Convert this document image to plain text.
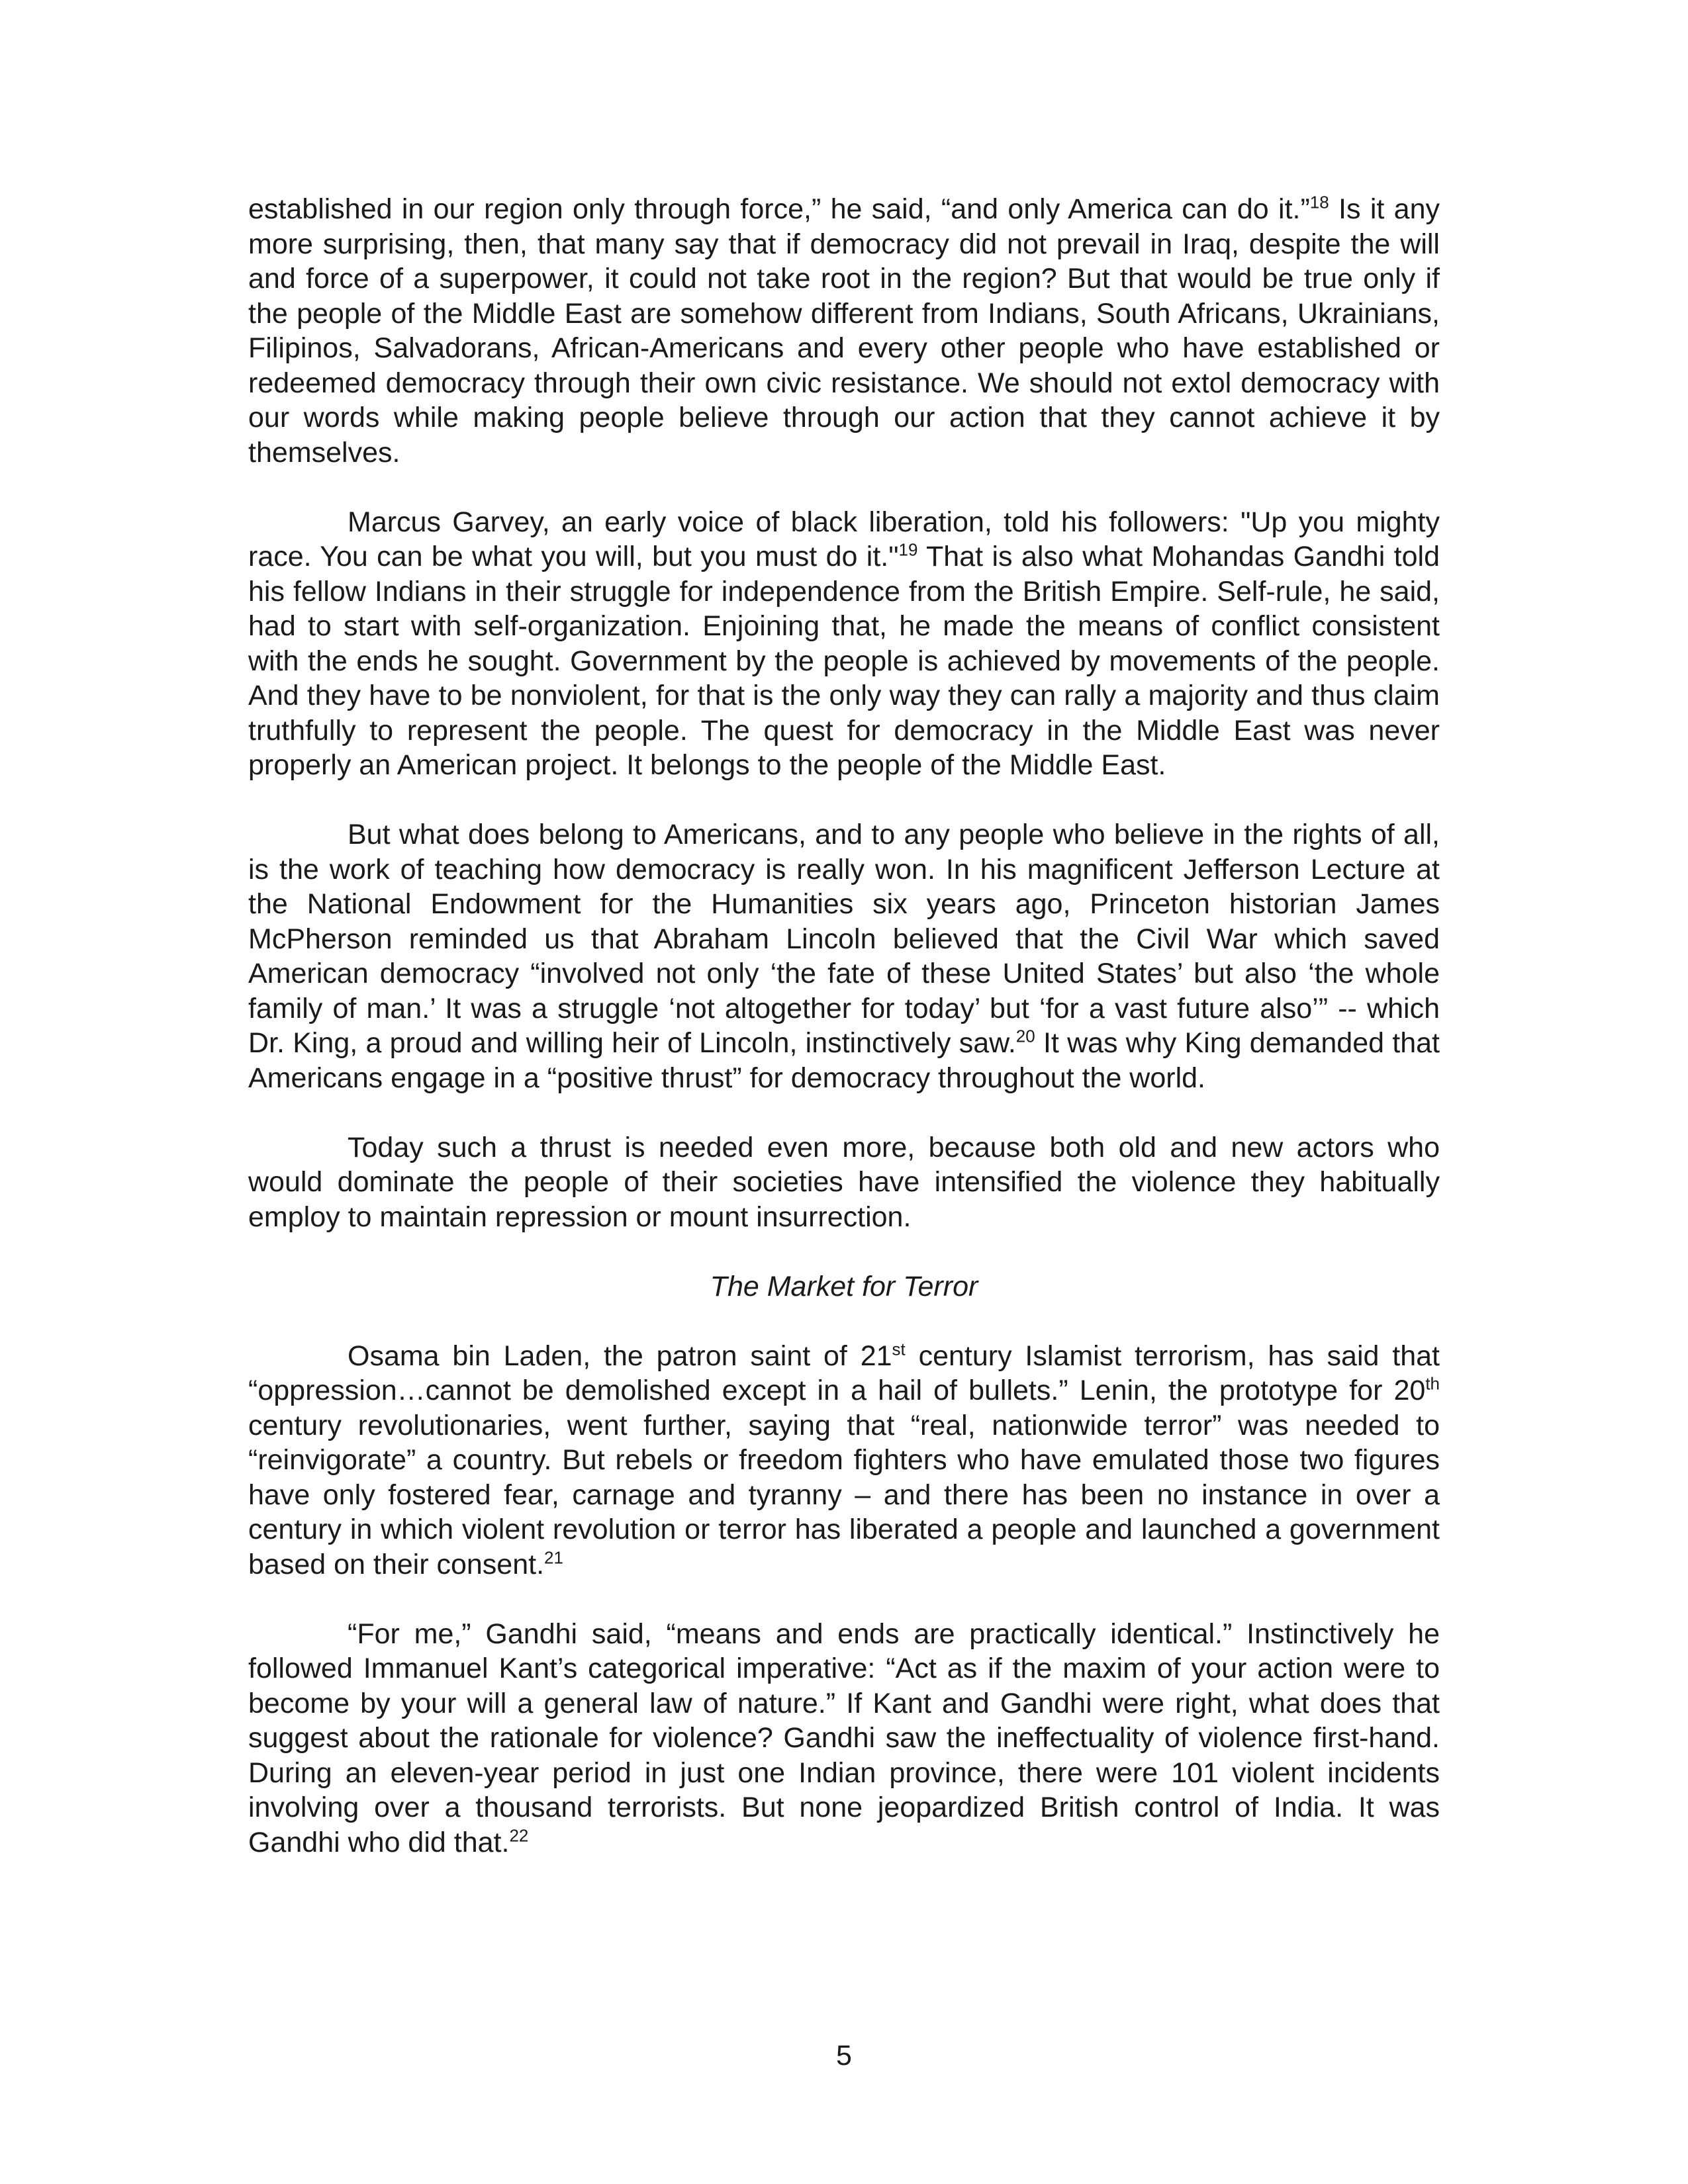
established in our region only through force,” he said, “and only America can do it.”$^{18}$ Is it any more surprising, then, that many say that if democracy did not prevail in Iraq, despite the will and force of a superpower, it could not take root in the region? But that would be true only if the people of the Middle East are somehow different from Indians, South Africans, Ukrainians, Filipinos, Salvadorans, African-Americans and every other people who have established or redeemed democracy through their own civic resistance. We should not extol democracy with our words while making people believe through our action that they cannot achieve it by themselves.

Marcus Garvey, an early voice of black liberation, told his followers: "Up you mighty race. You can be what you will, but you must do it."$^{19}$ That is also what Mohandas Gandhi told his fellow Indians in their struggle for independence from the British Empire. Self-rule, he said, had to start with self-organization. Enjoining that, he made the means of conflict consistent with the ends he sought. Government by the people is achieved by movements of the people. And they have to be nonviolent, for that is the only way they can rally a majority and thus claim truthfully to represent the people. The quest for democracy in the Middle East was never properly an American project. It belongs to the people of the Middle East.

But what does belong to Americans, and to any people who believe in the rights of all, is the work of teaching how democracy is really won. In his magnificent Jefferson Lecture at the National Endowment for the Humanities six years ago, Princeton historian James McPherson reminded us that Abraham Lincoln believed that the Civil War which saved American democracy “involved not only ‘the fate of these United States’ but also ‘the whole family of man.’ It was a struggle ‘not altogether for today’ but ‘for a vast future also’” -- which Dr. King, a proud and willing heir of Lincoln, instinctively saw.$^{20}$ It was why King demanded that Americans engage in a “positive thrust” for democracy throughout the world.

Today such a thrust is needed even more, because both old and new actors who would dominate the people of their societies have intensified the violence they habitually employ to maintain repression or mount insurrection.

The Market for Terror

Osama bin Laden, the patron saint of 21st century Islamist terrorism, has said that “oppression…cannot be demolished except in a hail of bullets.” Lenin, the prototype for 20th century revolutionaries, went further, saying that “real, nationwide terror” was needed to “reinvigorate” a country. But rebels or freedom fighters who have emulated those two figures have only fostered fear, carnage and tyranny – and there has been no instance in over a century in which violent revolution or terror has liberated a people and launched a government based on their consent.$^{21}$

“For me,” Gandhi said, “means and ends are practically identical.” Instinctively he followed Immanuel Kant’s categorical imperative: “Act as if the maxim of your action were to become by your will a general law of nature.” If Kant and Gandhi were right, what does that suggest about the rationale for violence? Gandhi saw the ineffectuality of violence first-hand. During an eleven-year period in just one Indian province, there were 101 violent incidents involving over a thousand terrorists. But none jeopardized British control of India. It was Gandhi who did that.$^{22}$

5
